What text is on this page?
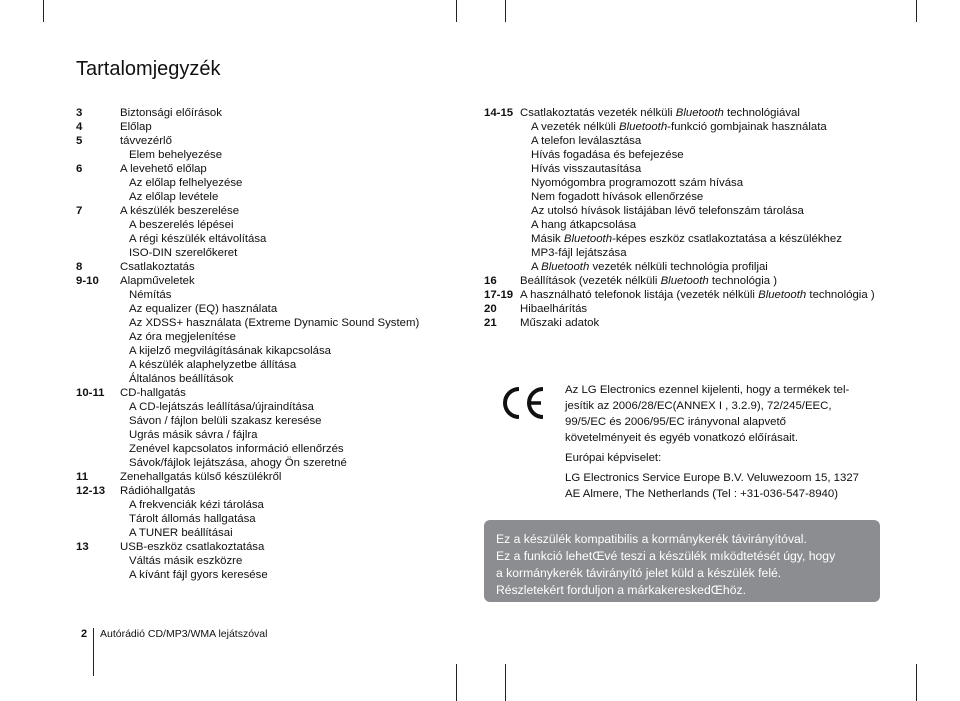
Tartalomjegyzék
3	Biztonsági előírások
4	Előlap
5	távvezérlő
Elem behelyezése
6	A levehető előlap
Az előlap felhelyezése
Az előlap levétele
7	A készülék beszerelése
A beszerelés lépései
A régi készülék eltávolítása
ISO-DIN szerelőkeret
8	Csatlakoztatás
9-10	Alapműveletek
Némítás
Az equalizer (EQ) használata
Az XDSS+ használata (Extreme Dynamic Sound System)
Az óra megjelenítése
A kijelző megvilágításának kikapcsolása
A készülék alaphelyzetbe állítása
Általános beállítások
10-11	CD-hallgatás
A CD-lejátszás leállítása/újraindítása
Sávon / fájlon belüli szakasz keresése
Ugrás másik sávra / fájlra
Zenével kapcsolatos információ ellenőrzés
Sávok/fájlok lejátszása, ahogy Ön szeretné
11	Zenehallgatás külső készülékről
12-13	Rádióhallgatás
A frekvenciák kézi tárolása
Tárolt állomás hallgatása
A TUNER beállításai
13	USB-eszköz csatlakoztatása
Váltás másik eszközre
A kívánt fájl gyors keresése
14-15 Csatlakoztatás vezeték nélküli Bluetooth technológiával
A vezeték nélküli Bluetooth-funkció gombjainak használata
A telefon leválasztása
Hívás fogadása és befejezése
Hívás visszautasítása
Nyomógombra programozott szám hívása
Nem fogadott hívások ellenőrzése
Az utolsó hívások listájában lévő telefonszám tárolása
A hang átkapcsolása
Másik Bluetooth-képes eszköz csatlakoztatása a készülékhez
MP3-fájl lejátszása
A Bluetooth vezeték nélküli technológia profiljai
16	Beállítások (vezeték nélküli Bluetooth technológia )
17-19 A használható telefonok listája (vezeték nélküli Bluetooth technológia )
20	Hibaelhárítás
21	Műszaki adatok

Az LG Electronics ezennel kijelenti, hogy a termékek tel-
jesítik az 2006/28/EC(ANNEX I , 3.2.9), 72/245/EEC,
99/5/EC és 2006/95/EC irányvonal alapvető
követelményeit és egyéb vonatkozó előírásait.

Európai képviselet:

LG Electronics Service Europe B.V. Veluwezoom 15, 1327
AE Almere, The Netherlands (Tel : +31-036-547-8940)

Ez a készülék kompatibilis a kormánykerék távirányítóval.
Ez a funkció lehetŒvé teszi a készülék mıködtetését úgy, hogy
a kormánykerék távirányító jelet küld a készülék felé.
Részletekért forduljon a márkakereskedŒhöz.
2 Autórádió CD/MP3/WMA lejátszóval
